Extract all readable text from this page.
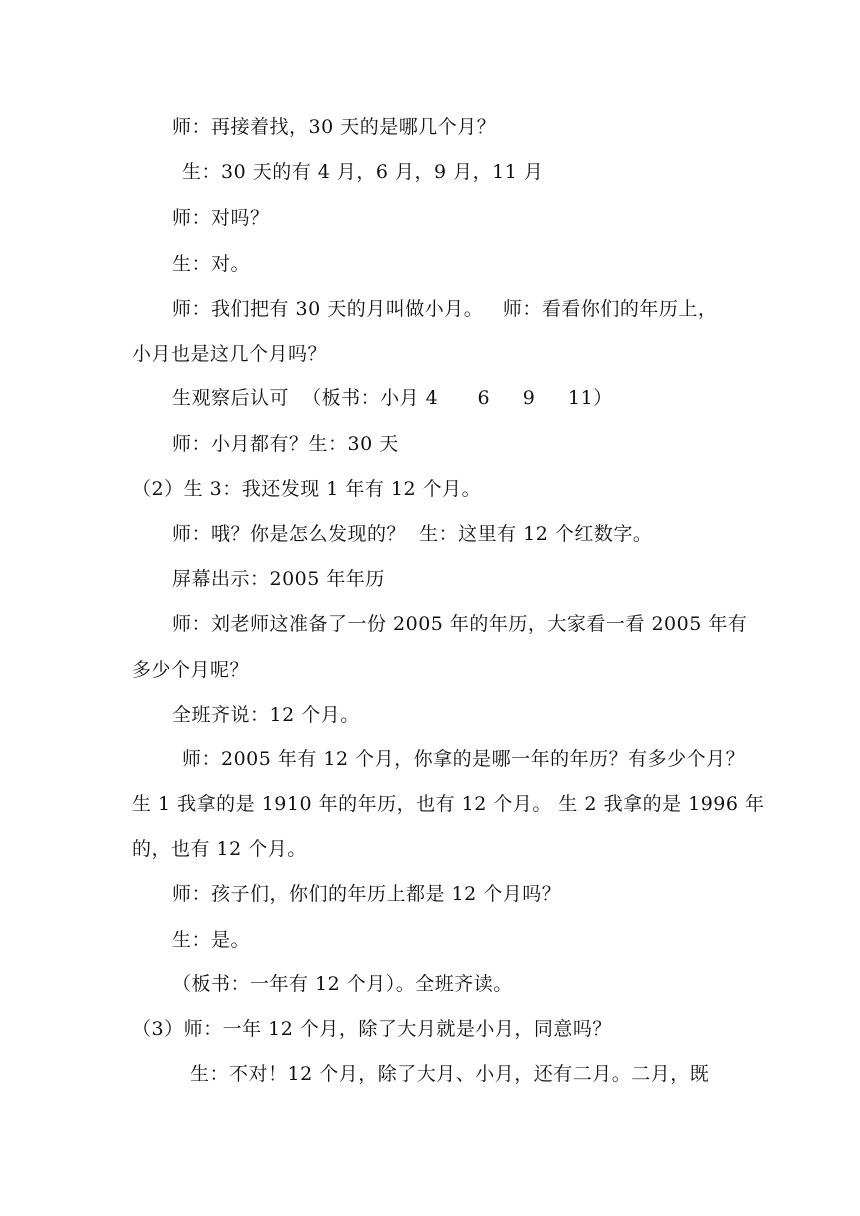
师：再接着找，30 天的是哪几个月？
生：30 天的有 4 月，6 月，9 月，11 月
师：对吗？
生：对。
师：我们把有 30 天的月叫做小月。   师：看看你们的年历上，
小月也是这几个月吗？
生观察后认可  （板书：小月 4      6     9     11）
师：小月都有？生：30 天
（2）生 3：我还发现 1 年有 12 个月。
师：哦？你是怎么发现的？  生：这里有 12 个红数字。
屏幕出示：2005 年年历
师：刘老师这准备了一份 2005 年的年历，大家看一看 2005 年有
多少个月呢？
全班齐说：12 个月。
师：2005 年有 12 个月，你拿的是哪一年的年历？有多少个月？
生 1 我拿的是 1910 年的年历，也有 12 个月。 生 2 我拿的是 1996 年
的，也有 12 个月。
师：孩子们，你们的年历上都是 12 个月吗？
生：是。
（板书：一年有 12 个月）。全班齐读。
（3）师：一年 12 个月，除了大月就是小月，同意吗？
生：不对！12 个月，除了大月、小月，还有二月。二月，既
